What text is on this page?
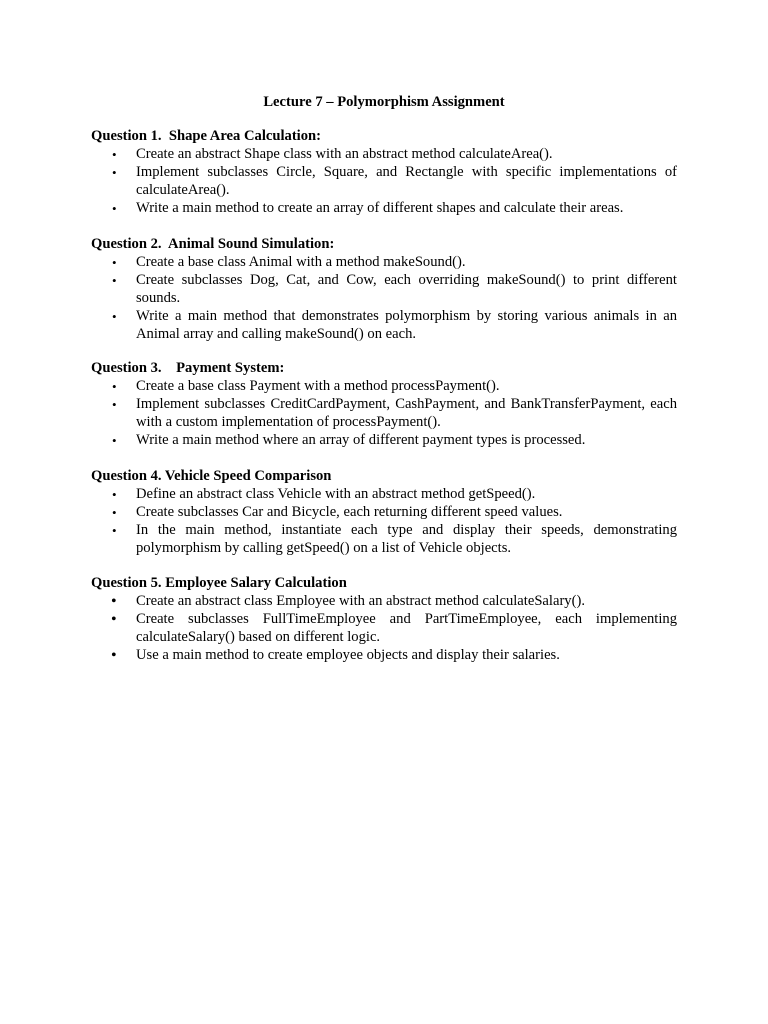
Lecture 7 – Polymorphism Assignment

Question 1.  Shape Area Calculation:

• Create an abstract Shape class with an abstract method calculateArea().
• Implement subclasses Circle, Square, and Rectangle with specific implementations of calculateArea().
• Write a main method to create an array of different shapes and calculate their areas.

Question 2.  Animal Sound Simulation:

• Create a base class Animal with a method makeSound().
• Create subclasses Dog, Cat, and Cow, each overriding makeSound() to print different sounds.
• Write a main method that demonstrates polymorphism by storing various animals in an Animal array and calling makeSound() on each.

Question 3.    Payment System:

• Create a base class Payment with a method processPayment().
• Implement subclasses CreditCardPayment, CashPayment, and BankTransferPayment, each with a custom implementation of processPayment().
• Write a main method where an array of different payment types is processed.

Question 4. Vehicle Speed Comparison

• Define an abstract class Vehicle with an abstract method getSpeed().
• Create subclasses Car and Bicycle, each returning different speed values.
• In the main method, instantiate each type and display their speeds, demonstrating polymorphism by calling getSpeed() on a list of Vehicle objects.

Question 5. Employee Salary Calculation

• Create an abstract class Employee with an abstract method calculateSalary().
• Create subclasses FullTimeEmployee and PartTimeEmployee, each implementing calculateSalary() based on different logic.
• Use a main method to create employee objects and display their salaries.
